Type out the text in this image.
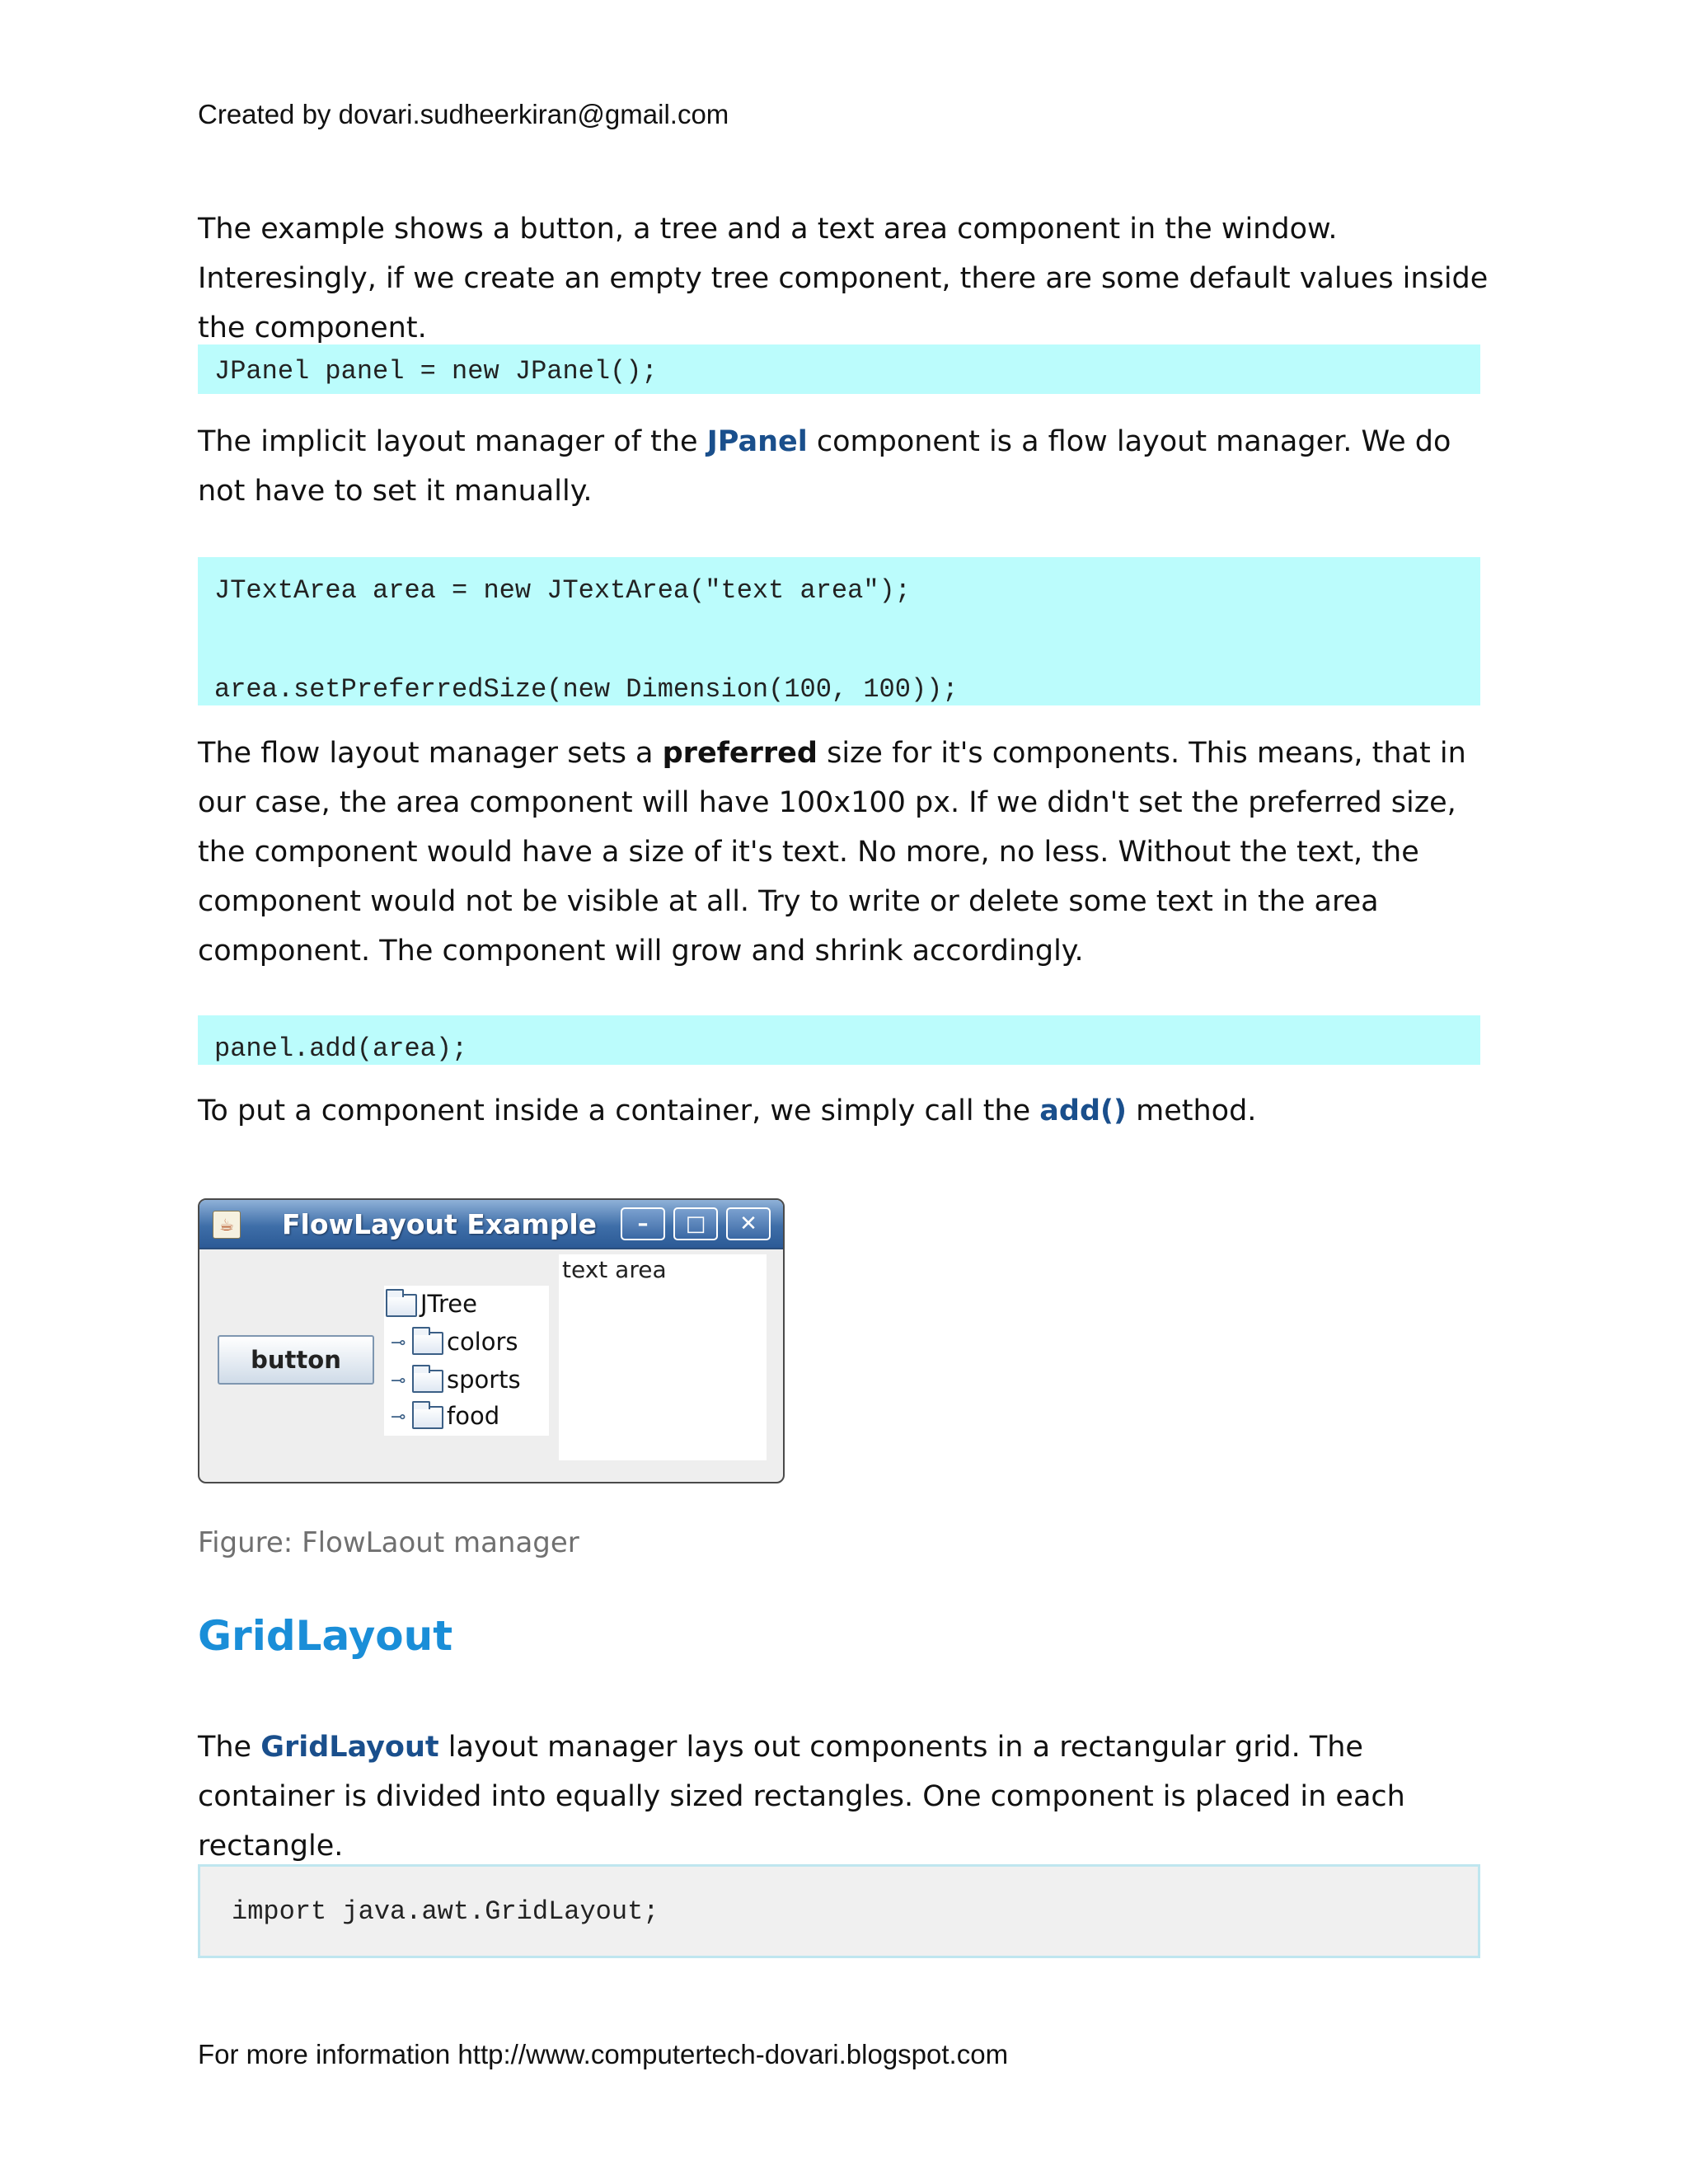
Created by dovari.sudheerkiran@gmail.com

The example shows a button, a tree and a text area component in the window. Interesingly, if we create an empty tree component, there are some default values inside the component.

JPanel panel = new JPanel();

The implicit layout manager of the JPanel component is a flow layout manager. We do not have to set it manually.

JTextArea area = new JTextArea("text area");
area.setPreferredSize(new Dimension(100, 100));

The flow layout manager sets a preferred size for it's components. This means, that in our case, the area component will have 100x100 px. If we didn't set the preferred size, the component would have a size of it's text. No more, no less. Without the text, the component would not be visible at all. Try to write or delete some text in the area component. The component will grow and shrink accordingly.

panel.add(area);

To put a component inside a container, we simply call the add() method.

☕ FlowLayout Example	–	□	✕
button
JTree
⊸ colors
⊸ sports
⊸ food
text area
Figure: FlowLaout manager
GridLayout

The GridLayout layout manager lays out components in a rectangular grid. The container is divided into equally sized rectangles. One component is placed in each rectangle.

import java.awt.GridLayout;
For more information http://www.computertech-dovari.blogspot.com
